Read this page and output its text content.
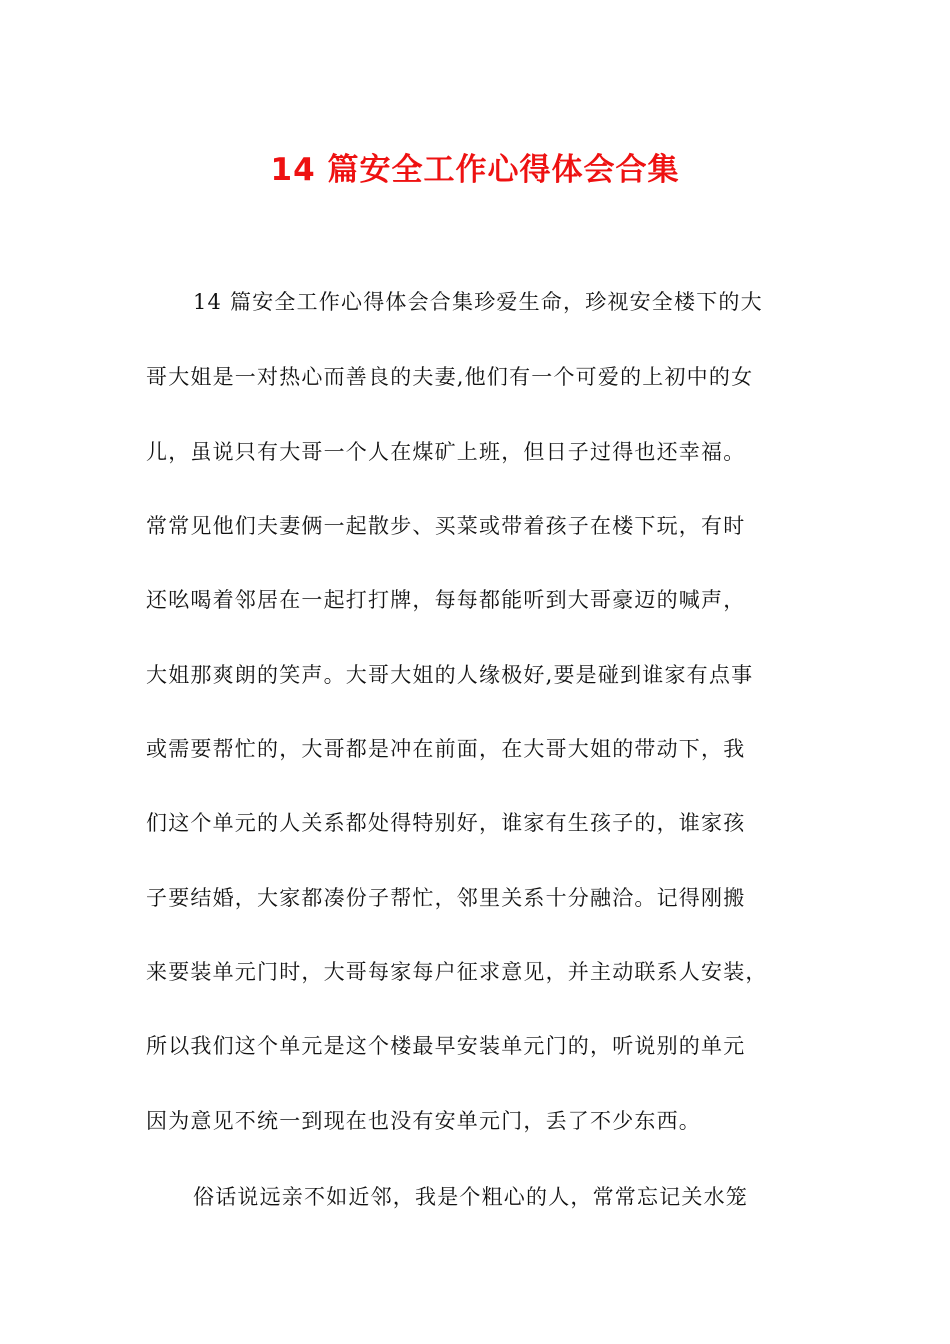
14 篇安全工作心得体会合集
14 篇安全工作心得体会合集珍爱生命，珍视安全楼下的大
哥大姐是一对热心而善良的夫妻,他们有一个可爱的上初中的女
儿，虽说只有大哥一个人在煤矿上班，但日子过得也还幸福。
常常见他们夫妻俩一起散步、买菜或带着孩子在楼下玩，有时
还吆喝着邻居在一起打打牌，每每都能听到大哥豪迈的喊声，
大姐那爽朗的笑声。大哥大姐的人缘极好,要是碰到谁家有点事
或需要帮忙的，大哥都是冲在前面，在大哥大姐的带动下，我
们这个单元的人关系都处得特别好，谁家有生孩子的，谁家孩
子要结婚，大家都凑份子帮忙，邻里关系十分融洽。记得刚搬
来要装单元门时，大哥每家每户征求意见，并主动联系人安装，
所以我们这个单元是这个楼最早安装单元门的，听说别的单元
因为意见不统一到现在也没有安单元门，丢了不少东西。
俗话说远亲不如近邻，我是个粗心的人，常常忘记关水笼
